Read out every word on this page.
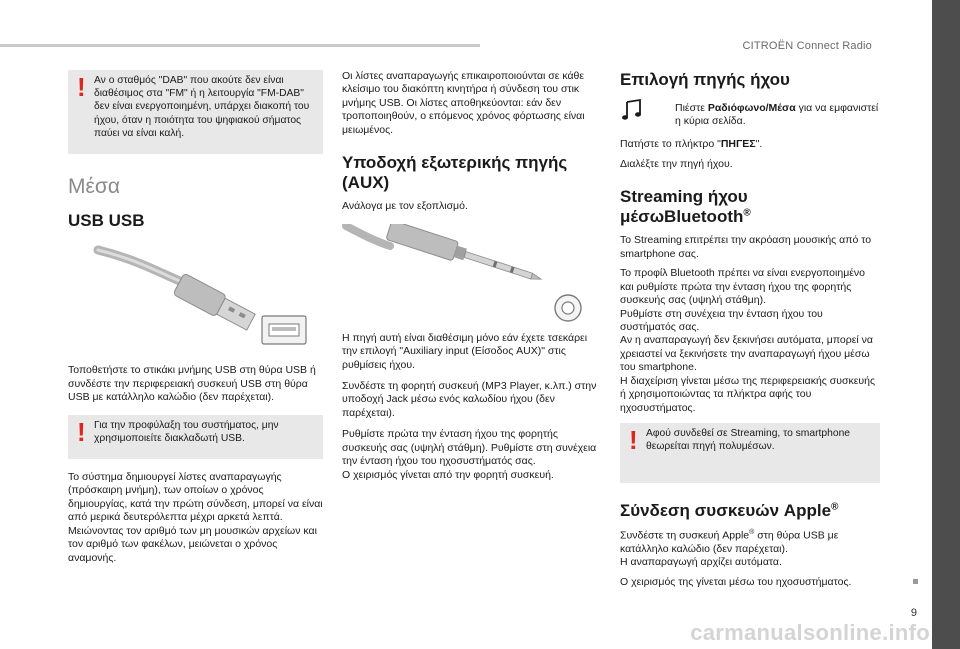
CITROËN Connect Radio
9
carmanualsonline.info
! Αν ο σταθμός "DAB" που ακούτε δεν είναι διαθέσιμος στα "FM" ή η λειτουργία "FM-DAB" δεν είναι ενεργοποιημένη, υπάρχει διακοπή του ήχου, όταν η ποιότητα του ψηφιακού σήματος παύει να είναι καλή.

Μέσα
USB USB

Τοποθετήστε το στικάκι μνήμης USB στη θύρα USB ή συνδέστε την περιφερειακή συσκευή USB στη θύρα USB με κατάλληλο καλώδιο (δεν παρέχεται).

! Για την προφύλαξη του συστήματος, μην χρησιμοποιείτε διακλαδωτή USB.

Το σύστημα δημιουργεί λίστες αναπαραγωγής (πρόσκαιρη μνήμη), των οποίων ο χρόνος δημιουργίας, κατά την πρώτη σύνδεση, μπορεί να είναι από μερικά δευτερόλεπτα μέχρι αρκετά λεπτά.
Μειώνοντας τον αριθμό των μη μουσικών αρχείων και τον αριθμό των φακέλων, μειώνεται ο χρόνος αναμονής.

Οι λίστες αναπαραγωγής επικαιροποιούνται σε κάθε κλείσιμο του διακόπτη κινητήρα ή σύνδεση του στικ μνήμης USB. Οι λίστες αποθηκεύονται: εάν δεν τροποποιηθούν, ο επόμενος χρόνος φόρτωσης είναι μειωμένος.

Υποδοχή εξωτερικής πηγής (AUX)

Ανάλογα με τον εξοπλισμό.

Η πηγή αυτή είναι διαθέσιμη μόνο εάν έχετε τσεκάρει την επιλογή "Auxiliary input (Είσοδος AUX)" στις ρυθμίσεις ήχου.

Συνδέστε τη φορητή συσκευή (MP3 Player, κ.λπ.) στην υποδοχή Jack μέσω ενός καλωδίου ήχου (δεν παρέχεται).

Ρυθμίστε πρώτα την ένταση ήχου της φορητής συσκευής σας (υψηλή στάθμη). Ρυθμίστε στη συνέχεια την ένταση ήχου του ηχοσυστήματός σας.
Ο χειρισμός γίνεται από την φορητή συσκευή.

Επιλογή πηγής ήχου

Πιέστε Ραδιόφωνο/Μέσα για να εμφανιστεί η κύρια σελίδα.

Πατήστε το πλήκτρο "ΠΗΓΕΣ".

Διαλέξτε την πηγή ήχου.

Streaming ήχου μέσωBluetooth®

Το Streaming επιτρέπει την ακρόαση μουσικής από το smartphone σας.

Το προφίλ Bluetooth πρέπει να είναι ενεργοποιημένο και ρυθμίστε πρώτα την ένταση ήχου της φορητής συσκευής σας (υψηλή στάθμη).
Ρυθμίστε στη συνέχεια την ένταση ήχου του συστήματός σας.
Αν η αναπαραγωγή δεν ξεκινήσει αυτόματα, μπορεί να χρειαστεί να ξεκινήσετε την αναπαραγωγή ήχου μέσω του smartphone.
Η διαχείριση γίνεται μέσω της περιφερειακής συσκευής ή χρησιμοποιώντας τα πλήκτρα αφής του ηχοσυστήματος.

! Αφού συνδεθεί σε Streaming, το smartphone θεωρείται πηγή πολυμέσων.

Σύνδεση συσκευών Apple®

Συνδέστε τη συσκευή Apple® στη θύρα USB με κατάλληλο καλώδιο (δεν παρέχεται).
Η αναπαραγωγή αρχίζει αυτόματα.

Ο χειρισμός της γίνεται μέσω του ηχοσυστήματος.
